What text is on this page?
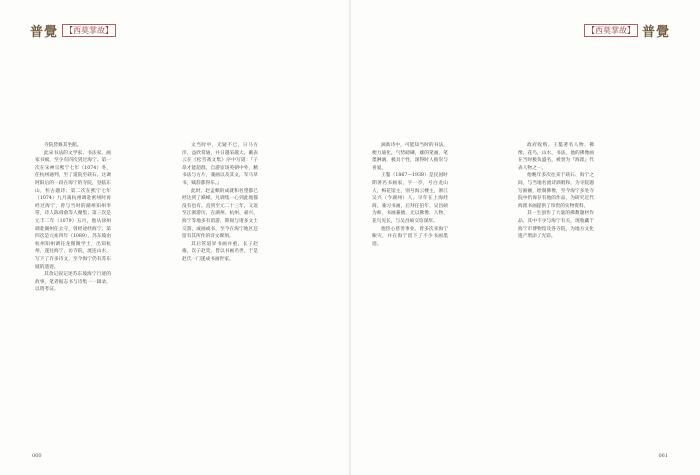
普覺 【西莫掌故】

寺院皆修其坐館。

此宋书法的文学家、书法家、画家书赋，至少有四次到过海宁。第一次在宋神宗熙宁七年（1074）冬，任杭州通判，至了道院至硖石。这调阿阳后的一段在海宁的寺院，登临东山，怀古题诗；第二次在熙宁七年（1074）九月离杭州调赴密州时再经过海宁，曾与当时的湖州知州李常，诗人陈舜俞等人聚集；第三次是元丰二年（1079）五月，他从徐州调赴湖州任太守，曾经途经海宁；第四次是元祐四年（1089），苏东坡由杭州知州调任龙图阁学士，出知杭州，遂往海宁，访寺院，流连山水，写下了许多诗文，至今海宁仍有苏东坡的遗迹。

其余记叙记述苏东坡海宁行迹的故事，笔者据志书与诗集一一辑录，以资考证。

文当时中，无疑不已，日马方洋，益欣赏通，并日越采越大。戴表云在《松雪斋文集》序中写道：『子昂才能超群，自游宦场英朝中外，精书法与方片，兼画以及其文，军马草书，赋辞都得乐。』

此时，赵孟頫的成就和名望都已经达到了巅峰。凡调集一心到此地都没有也有。直到至元二十三年，又返至江浙游历，在湖州、杭州、嘉兴、海宁等地多有留游，期间与诸多文士交游，或画或书，至今在海宁地区还留有其所作的诗文碑刻。

其后管道昇书画并重，长子赵雍，次子赵奕，皆以书画名世，于是赵氏一门遂成书画世家。

060
【西莫掌故】 普覺

滴新诗中，可能知当时的书法，便力迪化，气势磅礴，雄的笔画，笔墨淋漓，极具个性，深得时人推崇与喜爱。

王鏊（1867—1938）是民国时期著名书画家，字一亭，号白龙山人，梅花馆主，别号海云楼主，浙江吴兴（今湖州）人。早年在上海经商，兼习书画，后拜任伯年、吴昌硕为师，书画兼擅，尤以佛像、人物、花鸟见长，与吴昌硕交谊深厚。

他热心慈善事业，曾多次来海宁赈灾，并在海宁留下了不少书画墨迹。

政府收购。王鏊著名人物、佛像，花鸟，山水，书法，他的佛像画在当时极负盛名，被誉为『海派』代表人物之一。

他晚年多次往来于硖石、海宁之间，与当地名流诗酒唱和，为寺院题写匾额，绘制佛像，至今海宁多处寺院中仍保存有他的作品，为研究近代海派书画提供了珍贵的实物资料。

其一生创作了大量的佛教题材作品，其中不少与海宁有关，现收藏于海宁市博物馆及各寺院，为地方文化遗产增添了光彩。

061
